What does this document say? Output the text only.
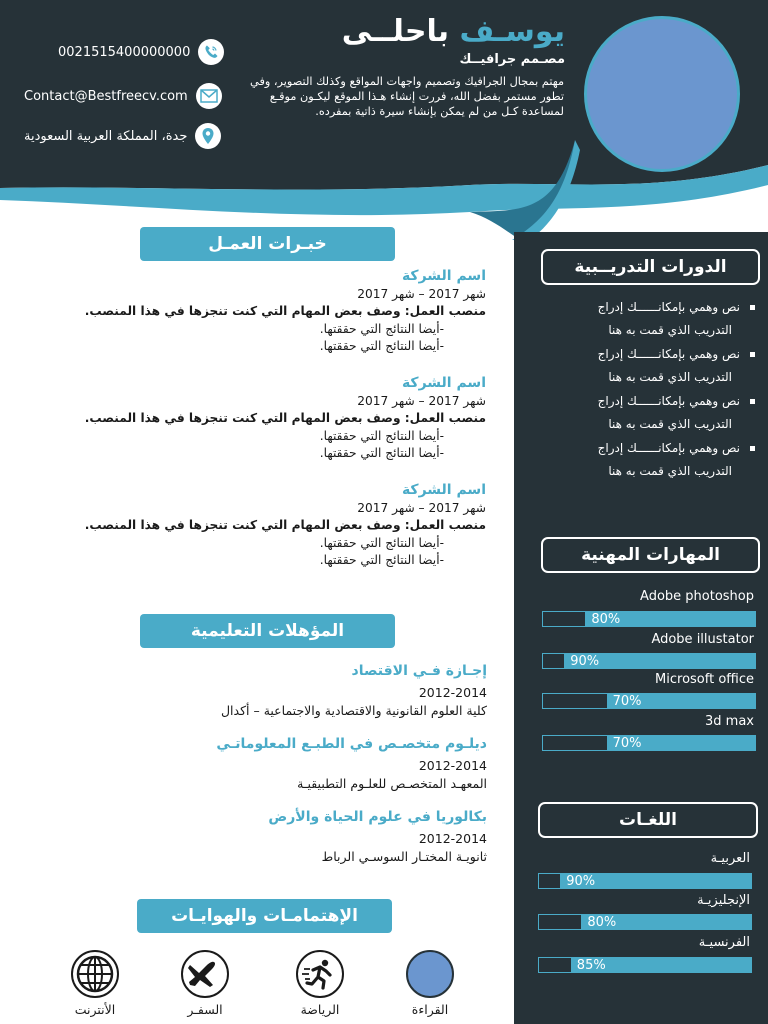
يوسـف باحلــى
مصـمم جرافيــك
مهتم بمجال الجرافيك وتصميم واجهات المواقع وكذلك التصوير، وفي تطور مستمر بفضل الله، فررت إنشاء هـذا الموقع ليكـون موقـع لمساعدة كـل من لم يمكن بإنشاء سيرة ذاتية بمفرده.
0021515400000000
Contact@Bestfreecv.com
جدة، المملكة العربية السعودية
خبـرات العمـل
اسم الشركة
شهر 2017 – شهر 2017
منصب العمل: وصف بعض المهام التي كنت تنجزها في هذا المنصب.
-أيضا النتائج التي حققتها.
-أيضا النتائج التي حققتها.
اسم الشركة
شهر 2017 – شهر 2017
منصب العمل: وصف بعض المهام التي كنت تنجزها في هذا المنصب.
-أيضا النتائج التي حققتها.
-أيضا النتائج التي حققتها.
اسم الشركة
شهر 2017 – شهر 2017
منصب العمل: وصف بعض المهام التي كنت تنجزها في هذا المنصب.
-أيضا النتائج التي حققتها.
-أيضا النتائج التي حققتها.
المؤهلات التعليمية
إجـازة فـي الاقتصاد
2012-2014
كلية العلوم القانونية والاقتصادية والاجتماعية – أكدال
ديلـوم متخصـص في الطبـع المعلوماتـي
2012-2014
المعهـد المتخصـص للعلـوم التطبيقيـة
بكالوريا في علوم الحياة والأرض
2012-2014
ثانويـة المختـار السوسـي الرباط
الإهتمامـات والهوايـات
القراءة
الرياضة
السفـر
الأنترنت
الدورات التدريــبية
نص وهمي بإمكانــــــك إدراج
التدريب الذي قمت به هنا
نص وهمي بإمكانــــــك إدراج
التدريب الذي قمت به هنا
نص وهمي بإمكانــــــك إدراج
التدريب الذي قمت به هنا
نص وهمي بإمكانــــــك إدراج
التدريب الذي قمت به هنا
المهارات المهنية
Adobe photoshop
80%
Adobe illustator
90%
Microsoft office
70%
3d max
70%
اللغـات
العربيـة
90%
الإنجليزيـة
80%
الفرنسيـة
85%
